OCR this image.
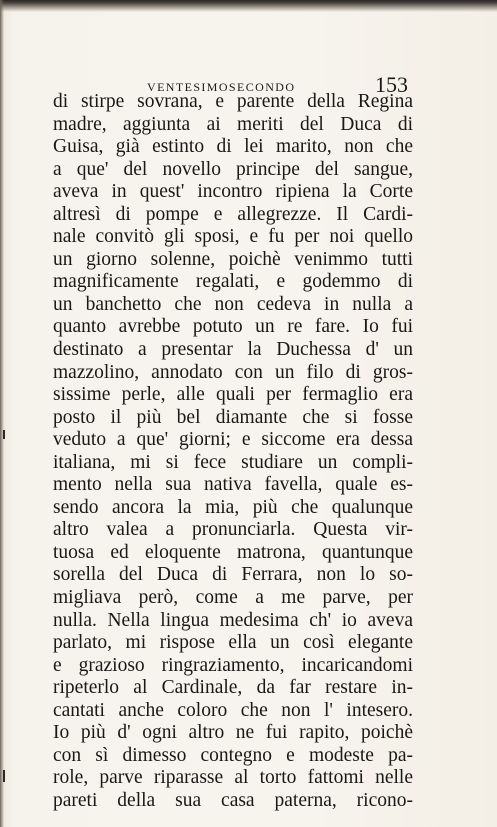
VENTESIMOSECONDO	153
di stirpe sovrana, e parente della Regina
madre, aggiunta ai meriti del Duca di
Guisa, già estinto di lei marito, non che
a que' del novello principe del sangue,
aveva in quest' incontro ripiena la Corte
altresì di pompe e allegrezze. Il Cardi-
nale convitò gli sposi, e fu per noi quello
un giorno solenne, poichè venimmo tutti
magnificamente regalati, e godemmo di
un banchetto che non cedeva in nulla a
quanto avrebbe potuto un re fare. Io fui
destinato a presentar la Duchessa d' un
mazzolino, annodato con un filo di gros-
sissime perle, alle quali per fermaglio era
posto il più bel diamante che si fosse
veduto a que' giorni; e siccome era dessa
italiana, mi si fece studiare un compli-
mento nella sua nativa favella, quale es-
sendo ancora la mia, più che qualunque
altro valea a pronunciarla. Questa vir-
tuosa ed eloquente matrona, quantunque
sorella del Duca di Ferrara, non lo so-
migliava però, come a me parve, per
nulla. Nella lingua medesima ch' io aveva
parlato, mi rispose ella un così elegante
e grazioso ringraziamento, incaricandomi
ripeterlo al Cardinale, da far restare in-
cantati anche coloro che non l' intesero.
Io più d' ogni altro ne fui rapito, poichè
con sì dimesso contegno e modeste pa-
role, parve riparasse al torto fattomi nelle
pareti della sua casa paterna, ricono-
